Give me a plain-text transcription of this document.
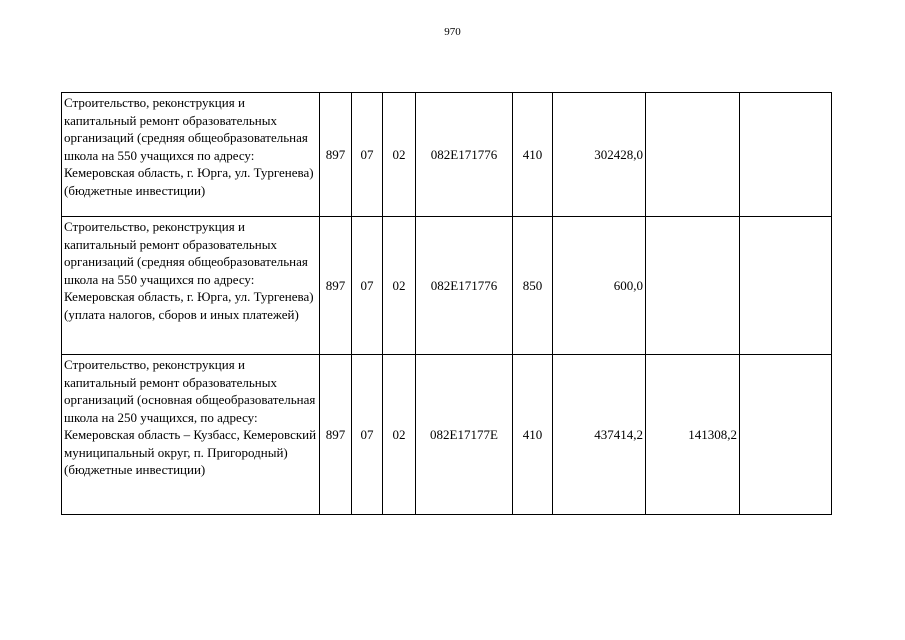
970
Строительство, реконструкция и капитальный ремонт образовательных организаций (средняя общеобразовательная школа на 550 учащихся по адресу: Кемеровская область, г. Юрга, ул. Тургенева) (бюджетные инвестиции)	897	07	02	082E171776	410	302428,0		
Строительство, реконструкция и капитальный ремонт образовательных организаций (средняя общеобразовательная школа на 550 учащихся по адресу: Кемеровская область, г. Юрга, ул. Тургенева) (уплата налогов, сборов и иных платежей)	897	07	02	082E171776	850	600,0		
Строительство, реконструкция и капитальный ремонт образовательных организаций (основная общеобразовательная школа на 250 учащихся, по адресу: Кемеровская область – Кузбасс, Кемеровский муниципальный округ, п. Пригородный) (бюджетные инвестиции)	897	07	02	082E17177E	410	437414,2	141308,2	
